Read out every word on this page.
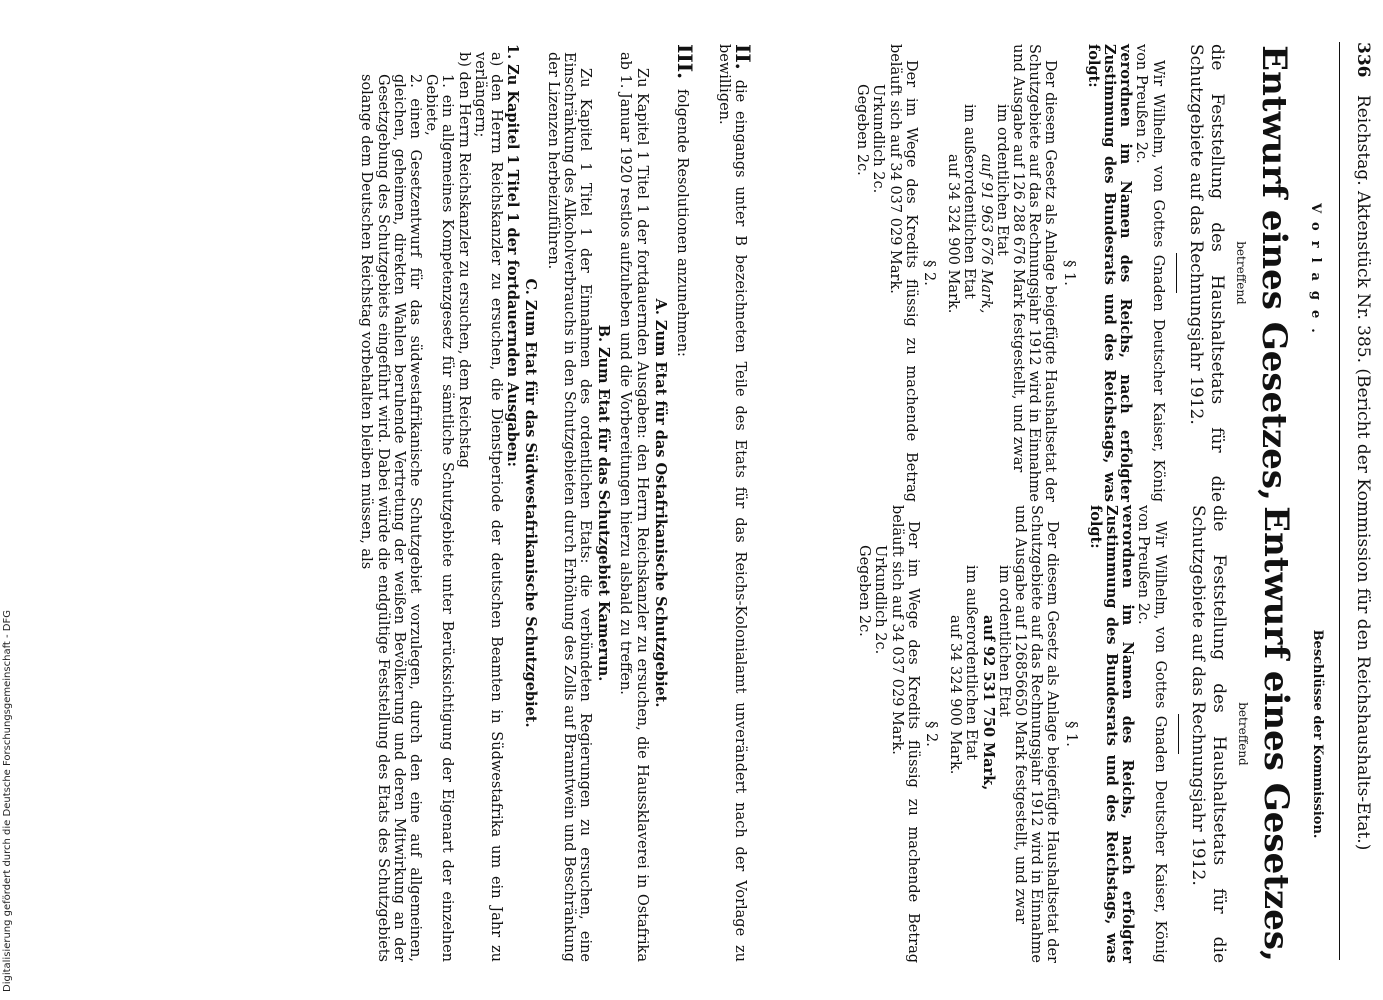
336 Reichstag. Aktenstück Nr. 385. (Bericht der Kommission für den Reichshaushalts-Etat.)
Vorlage.
Entwurf eines Gesetzes,
betreffend

die Feststellung des Haushaltsetats für die Schutzgebiete auf das Rechnungsjahr 1912.

Wir Wilhelm, von Gottes Gnaden Deutscher Kaiser, König von Preußen 2c.

verordnen im Namen des Reichs, nach erfolgter Zustimmung des Bundesrats und des Reichstags, was folgt:

§ 1.

Der diesem Gesetz als Anlage beigefügte Haushaltsetat der Schutzgebiete auf das Rechnungsjahr 1912 wird in Einnahme und Ausgabe auf 126 288 676 Mark festgestellt, und zwar

im ordentlichen Etat

auf 91 963 676 Mark,

im außerordentlichen Etat

auf 34 324 900 Mark.

§ 2.

Der im Wege des Kredits flüssig zu machende Betrag beläuft sich auf 34 037 029 Mark.

Urkundlich 2c.

Gegeben 2c.

Beschlüsse der Kommission.
Entwurf eines Gesetzes,
betreffend

die Feststellung des Haushaltsetats für die Schutzgebiete auf das Rechnungsjahr 1912.

Wir Wilhelm, von Gottes Gnaden Deutscher Kaiser, König von Preußen 2c.

verordnen im Namen des Reichs, nach erfolgter Zustimmung des Bundesrats und des Reichstags, was folgt:

§ 1.

Der diesem Gesetz als Anlage beigefügte Haushaltsetat der Schutzgebiete auf das Rechnungsjahr 1912 wird in Einnahme und Ausgabe auf 126856650 Mark festgestellt, und zwar

im ordentlichen Etat

auf 92 531 750 Mark,

im außerordentlichen Etat

auf 34 324 900 Mark.

§ 2.

Der im Wege des Kredits flüssig zu machende Betrag beläuft sich auf 34 037 029 Mark.

Urkundlich 2c.

Gegeben 2c.

II.die eingangs unter B bezeichneten Teile des Etats für das Reichs-Kolonialamt unverändert nach der Vorlage zu bewilligen.

III.folgende Resolutionen anzunehmen:

A. Zum Etat für das Ostafrikanische Schutzgebiet.

Zu Kapitel 1 Titel 1 der fortdauernden Ausgaben: den Herrn Reichskanzler zu ersuchen, die Haussklaverei in Ostafrika ab 1. Januar 1920 restlos aufzuheben und die Vorbereitungen hierzu alsbald zu treffen.

B. Zum Etat für das Schutzgebiet Kamerun.

Zu Kapitel 1 Titel 1 der Einnahmen des ordentlichen Etats: die verbündeten Regierungen zu ersuchen, eine Einschränkung des Alkoholverbrauchs in den Schutzgebieten durch Erhöhung des Zolls auf Branntwein und Beschränkung der Lizenzen herbeizuführen.

C. Zum Etat für das Südwestafrikanische Schutzgebiet.

1. Zu Kapitel 1 Titel 1 der fortdauernden Ausgaben:

a) den Herrn Reichskanzler zu ersuchen, die Dienstperiode der deutschen Beamten in Südwestafrika um ein Jahr zu verlängern;

b) den Herrn Reichskanzler zu ersuchen, dem Reichstag

1. ein allgemeines Kompetenzgesetz für sämtliche Schutzgebiete unter Berücksichtigung der Eigenart der einzelnen Gebiete,

2. einen Gesetzentwurf für das südwestafrikanische Schutzgebiet vorzulegen, durch den eine auf allgemeinen, gleichen, geheimen, direkten Wahlen beruhende Vertretung der weißen Bevölkerung und deren Mitwirkung an der Gesetzgebung des Schutzgebiets eingeführt wird. Dabei würde die endgültige Feststellung des Etats des Schutzgebiets solange dem Deutschen Reichstag vorbehalten bleiben müssen, als

Digitalisierung gefördert durch die Deutsche Forschungsgemeinschaft - DFG
